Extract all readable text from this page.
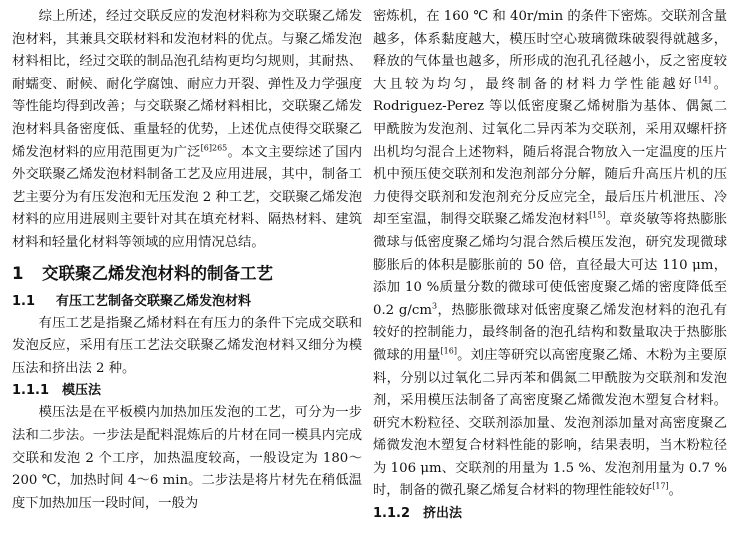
综上所述，经过交联反应的发泡材料称为交联聚乙烯发泡材料，其兼具交联材料和发泡材料的优点。与聚乙烯发泡材料相比，经过交联的制品泡孔结构更均匀规则，其耐热、耐蠕变、耐候、耐化学腐蚀、耐应力开裂、弹性及力学强度等性能均得到改善；与交联聚乙烯材料相比，交联聚乙烯发泡材料具备密度低、重量轻的优势，上述优点使得交联聚乙烯发泡材料的应用范围更为广泛$^{[6]265}$。本文主要综述了国内外交联聚乙烯发泡材料制备工艺及应用进展，其中，制备工艺主要分为有压发泡和无压发泡 2 种工艺，交联聚乙烯发泡材料的应用进展则主要针对其在填充材料、隔热材料、建筑材料和轻量化材料等领域的应用情况总结。

1 交联聚乙烯发泡材料的制备工艺
1.1 有压工艺制备交联聚乙烯发泡材料

有压工艺是指聚乙烯材料在有压力的条件下完成交联和发泡反应，采用有压工艺法交联聚乙烯发泡材料又细分为模压法和挤出法 2 种。

1.1.1 模压法

模压法是在平板模内加热加压发泡的工艺，可分为一步法和二步法。一步法是配料混炼后的片材在同一模具内完成交联和发泡 2 个工序，加热温度较高，一般设定为 180～200 ℃，加热时间 4～6 min。二步法是将片材先在稍低温度下加热加压一段时间，一般为

密炼机，在 160 ℃ 和 40r/min 的条件下密炼。交联剂含量越多，体系黏度越大，模压时空心玻璃微珠破裂得就越多，释放的气体量也越多，所形成的泡孔孔径越小，反之密度较大且较为均匀，最终制备的材料力学性能越好[14]。Rodriguez-Perez 等以低密度聚乙烯树脂为基体、偶氮二甲酰胺为发泡剂、过氧化二异丙苯为交联剂，采用双螺杆挤出机均匀混合上述物料，随后将混合物放入一定温度的压片机中预压使交联剂和发泡剂部分分解，随后升高压片机的压力使得交联剂和发泡剂充分反应完全，最后压片机泄压、冷却至室温，制得交联聚乙烯发泡材料[15]。章炎敏等将热膨胀微球与低密度聚乙烯均匀混合然后模压发泡，研究发现微球膨胀后的体积是膨胀前的 50 倍，直径最大可达 110 μm，添加 10 %质量分数的微球可使低密度聚乙烯的密度降低至 0.2 $g/cm^3$，热膨胀微球对低密度聚乙烯发泡材料的泡孔有较好的控制能力，最终制备的泡孔结构和数量取决于热膨胀微球的用量[16]。刘庄等研究以高密度聚乙烯、木粉为主要原料，分别以过氧化二异丙苯和偶氮二甲酰胺为交联剂和发泡剂，采用模压法制备了高密度聚乙烯微发泡木塑复合材料。研究木粉粒径、交联剂添加量、发泡剂添加量对高密度聚乙烯微发泡木塑复合材料性能的影响，结果表明，当木粉粒径为 106 μm、交联剂的用量为 1.5 %、发泡剂用量为 0.7 %时，制备的微孔聚乙烯复合材料的物理性能较好[17]。

1.1.2 挤出法
